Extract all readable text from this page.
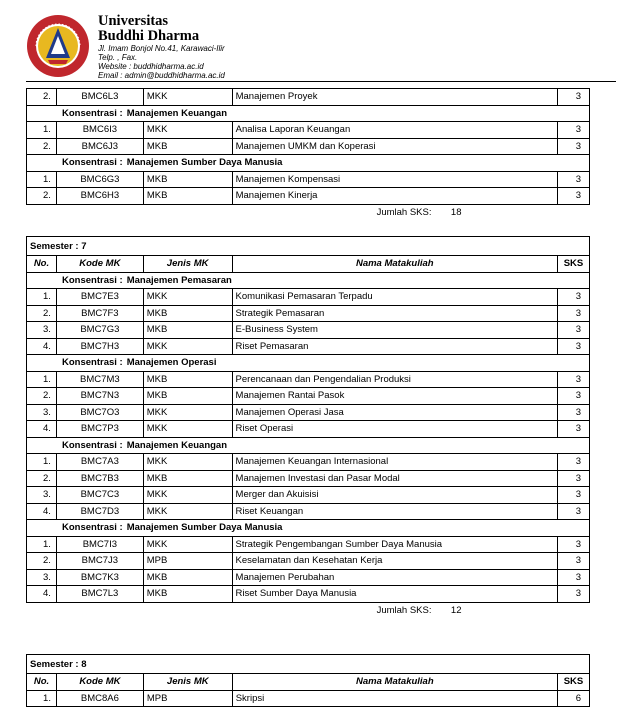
Universitas
Buddhi Dharma
Jl. Imam Bonjol No.41, Karawaci-Ilir
Telp. , Fax.
Website : buddhidharma.ac.id
Email : admin@buddhidharma.ac.id
2.	BMC6L3	MKK	Manajemen Proyek	3
Konsentrasi : Manajemen Keuangan				
1.	BMC6I3	MKK	Analisa Laporan Keuangan	3
2.	BMC6J3	MKB	Manajemen UMKM dan Koperasi	3
Konsentrasi : Manajemen Sumber Daya Manusia				
1.	BMC6G3	MKB	Manajemen Kompensasi	3
2.	BMC6H3	MKB	Manajemen Kinerja	3
Jumlah SKS: 18				
Semester : 7				
No.	Kode MK	Jenis MK	Nama Matakuliah	SKS
Konsentrasi : Manajemen Pemasaran				
1.	BMC7E3	MKK	Komunikasi Pemasaran Terpadu	3
2.	BMC7F3	MKB	Strategik Pemasaran	3
3.	BMC7G3	MKB	E-Business System	3
4.	BMC7H3	MKK	Riset Pemasaran	3
Konsentrasi : Manajemen Operasi				
1.	BMC7M3	MKB	Perencanaan dan Pengendalian Produksi	3
2.	BMC7N3	MKB	Manajemen Rantai Pasok	3
3.	BMC7O3	MKK	Manajemen Operasi Jasa	3
4.	BMC7P3	MKK	Riset Operasi	3
Konsentrasi : Manajemen Keuangan				
1.	BMC7A3	MKK	Manajemen Keuangan Internasional	3
2.	BMC7B3	MKB	Manajemen Investasi dan Pasar Modal	3
3.	BMC7C3	MKK	Merger dan Akuisisi	3
4.	BMC7D3	MKK	Riset Keuangan	3
Konsentrasi : Manajemen Sumber Daya Manusia				
1.	BMC7I3	MKK	Strategik Pengembangan Sumber Daya Manusia	3
2.	BMC7J3	MPB	Keselamatan dan Kesehatan Kerja	3
3.	BMC7K3	MKB	Manajemen Perubahan	3
4.	BMC7L3	MKB	Riset Sumber Daya Manusia	3
Jumlah SKS: 12				
Semester : 8				
No.	Kode MK	Jenis MK	Nama Matakuliah	SKS
1.	BMC8A6	MPB	Skripsi	6
